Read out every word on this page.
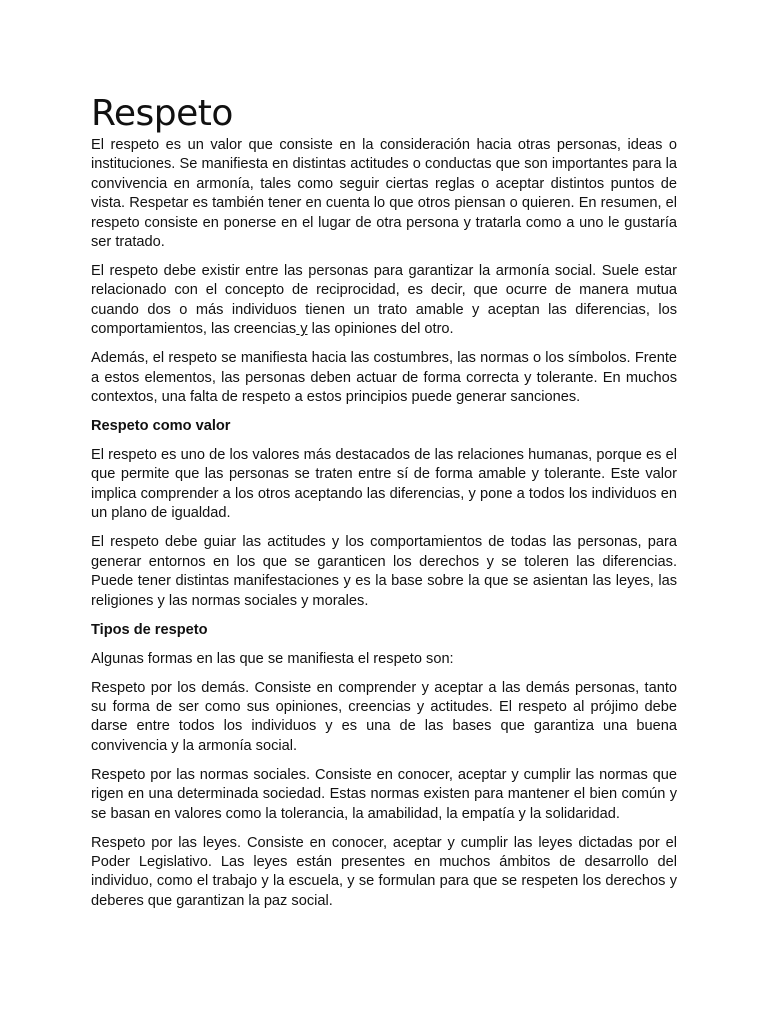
Respeto

El respeto es un valor que consiste en la consideración hacia otras personas, ideas o instituciones. Se manifiesta en distintas actitudes o conductas que son importantes para la convivencia en armonía, tales como seguir ciertas reglas o aceptar distintos puntos de vista. Respetar es también tener en cuenta lo que otros piensan o quieren. En resumen, el respeto consiste en ponerse en el lugar de otra persona y tratarla como a uno le gustaría ser tratado.

El respeto debe existir entre las personas para garantizar la armonía social. Suele estar relacionado con el concepto de reciprocidad, es decir, que ocurre de manera mutua cuando dos o más individuos tienen un trato amable y aceptan las diferencias, los comportamientos, las creencias y las opiniones del otro.

Además, el respeto se manifiesta hacia las costumbres, las normas o los símbolos. Frente a estos elementos, las personas deben actuar de forma correcta y tolerante. En muchos contextos, una falta de respeto a estos principios puede generar sanciones.

Respeto como valor

El respeto es uno de los valores más destacados de las relaciones humanas, porque es el que permite que las personas se traten entre sí de forma amable y tolerante. Este valor implica comprender a los otros aceptando las diferencias, y pone a todos los individuos en un plano de igualdad.

El respeto debe guiar las actitudes y los comportamientos de todas las personas, para generar entornos en los que se garanticen los derechos y se toleren las diferencias. Puede tener distintas manifestaciones y es la base sobre la que se asientan las leyes, las religiones y las normas sociales y morales.

Tipos de respeto

Algunas formas en las que se manifiesta el respeto son:

Respeto por los demás. Consiste en comprender y aceptar a las demás personas, tanto su forma de ser como sus opiniones, creencias y actitudes. El respeto al prójimo debe darse entre todos los individuos y es una de las bases que garantiza una buena convivencia y la armonía social.

Respeto por las normas sociales. Consiste en conocer, aceptar y cumplir las normas que rigen en una determinada sociedad. Estas normas existen para mantener el bien común y se basan en valores como la tolerancia, la amabilidad, la empatía y la solidaridad.

Respeto por las leyes. Consiste en conocer, aceptar y cumplir las leyes dictadas por el Poder Legislativo. Las leyes están presentes en muchos ámbitos de desarrollo del individuo, como el trabajo y la escuela, y se formulan para que se respeten los derechos y deberes que garantizan la paz social.
